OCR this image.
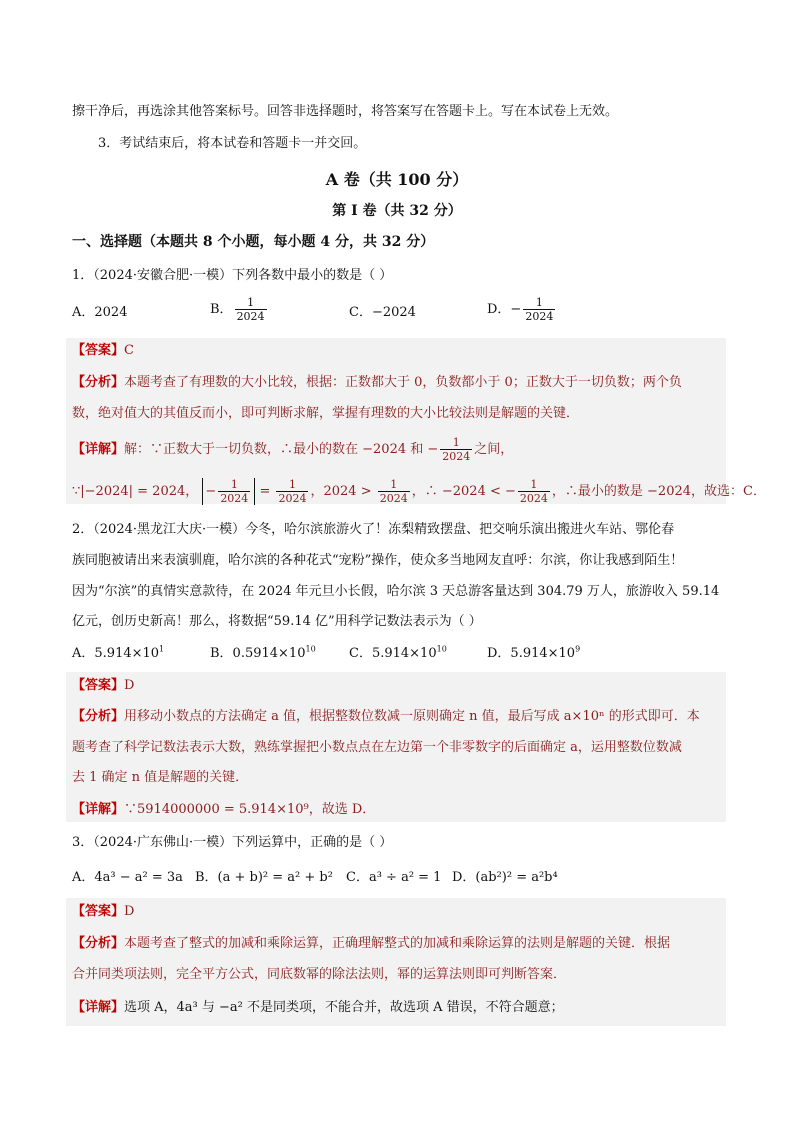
擦干净后，再选涂其他答案标号。回答非选择题时，将答案写在答题卡上。写在本试卷上无效。
3．考试结束后，将本试卷和答题卡一并交回。
A 卷（共 100 分）
第 I 卷（共 32 分）
一、选择题（本题共 8 个小题，每小题 4 分，共 32 分）
1．（2024·安徽合肥·一模）下列各数中最小的数是（ ）
A．2024	B． $\frac{1}{2024}$	C．−2024	D．− $\frac{1}{2024}$
【答案】C
【分析】本题考查了有理数的大小比较，根据：正数都大于 0，负数都小于 0；正数大于一切负数；两个负
数，绝对值大的其值反而小，即可判断求解，掌握有理数的大小比较法则是解题的关键．
【详解】解：∵正数大于一切负数，∴最小的数在 −2024 和 − $\frac{1}{2024}$ 之间，
∵|−2024| = 2024， − $\frac{1}{2024} = \frac{1}{2024}$ ，$2024 > \frac{1}{2024}$ ，∴ −2024 < − $\frac{1}{2024}$ ，∴最小的数是 −2024，故选：C．
2．（2024·黑龙江大庆·一模）今冬，哈尔滨旅游火了！冻梨精致摆盘、把交响乐演出搬进火车站、鄂伦春
族同胞被请出来表演驯鹿，哈尔滨的各种花式“宠粉”操作，使众多当地网友直呼：尔滨，你让我感到陌生！
因为“尔滨”的真情实意款待，在 2024 年元旦小长假，哈尔滨 3 天总游客量达到 304.79 万人，旅游收入 59.14
亿元，创历史新高！那么，将数据“59.14 亿”用科学记数法表示为（ ）
A．$5.914\times 10^1$	B．$0.5914\times 10^{10}$	C．$5.914\times 10^{10}$	D．$5.914\times 10^9$
【答案】D
【分析】用移动小数点的方法确定 a 值，根据整数位数减一原则确定 n 值，最后写成 a×10ⁿ 的形式即可．本
题考查了科学记数法表示大数，熟练掌握把小数点点在左边第一个非零数字的后面确定 a，运用整数位数减
去 1 确定 n 值是解题的关键．
【详解】∵5914000000 = 5.914×10⁹，故选 D．
3．（2024·广东佛山·一模）下列运算中，正确的是（ ）
A．4a³ − a² = 3a B．(a + b)² = a² + b² C．a³ ÷ a² = 1 D．(ab²)² = a²b⁴
【答案】D
【分析】本题考查了整式的加减和乘除运算，正确理解整式的加减和乘除运算的法则是解题的关键．根据
合并同类项法则，完全平方公式，同底数幂的除法法则，幂的运算法则即可判断答案．
【详解】选项 A，4a³ 与 −a² 不是同类项，不能合并，故选项 A 错误，不符合题意；
